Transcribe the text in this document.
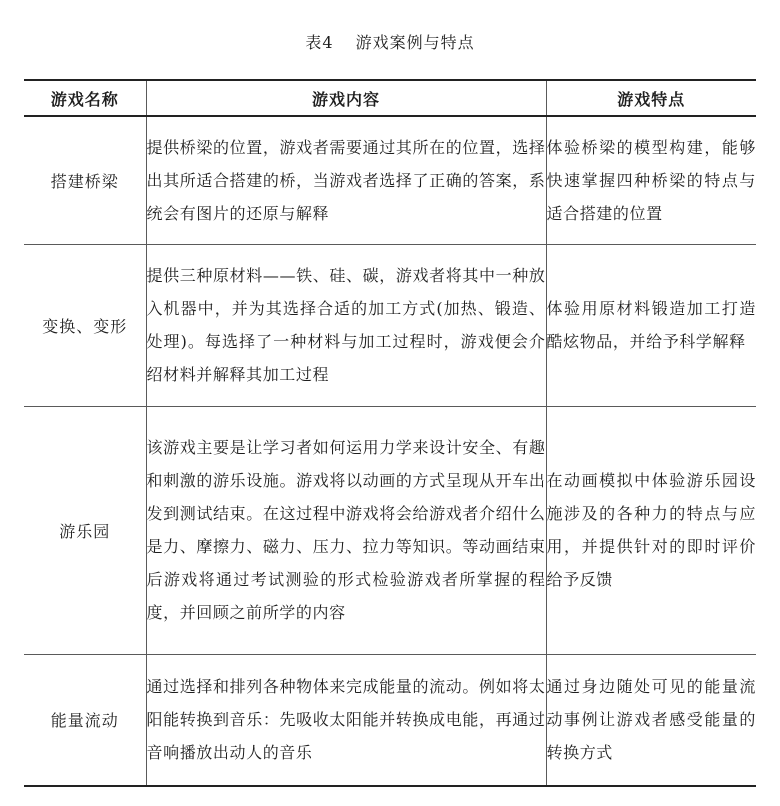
表4 游戏案例与特点
游戏名称	游戏内容	游戏特点
搭建桥梁	提供桥梁的位置，游戏者需要通过其所在的位置，选择出其所适合搭建的桥，当游戏者选择了正确的答案，系统会有图片的还原与解释	体验桥梁的模型构建，能够快速掌握四种桥梁的特点与适合搭建的位置
变换、变形	提供三种原材料——铁、硅、碳，游戏者将其中一种放入机器中，并为其选择合适的加工方式(加热、锻造、处理)。每选择了一种材料与加工过程时，游戏便会介绍材料并解释其加工过程	体验用原材料锻造加工打造酷炫物品，并给予科学解释
游乐园	该游戏主要是让学习者如何运用力学来设计安全、有趣和刺激的游乐设施。游戏将以动画的方式呈现从开车出发到测试结束。在这过程中游戏将会给游戏者介绍什么是力、摩擦力、磁力、压力、拉力等知识。等动画结束后游戏将通过考试测验的形式检验游戏者所掌握的程度，并回顾之前所学的内容	在动画模拟中体验游乐园设施涉及的各种力的特点与应用，并提供针对的即时评价给予反馈
能量流动	通过选择和排列各种物体来完成能量的流动。例如将太阳能转换到音乐：先吸收太阳能并转换成电能，再通过音响播放出动人的音乐	通过身边随处可见的能量流动事例让游戏者感受能量的转换方式
